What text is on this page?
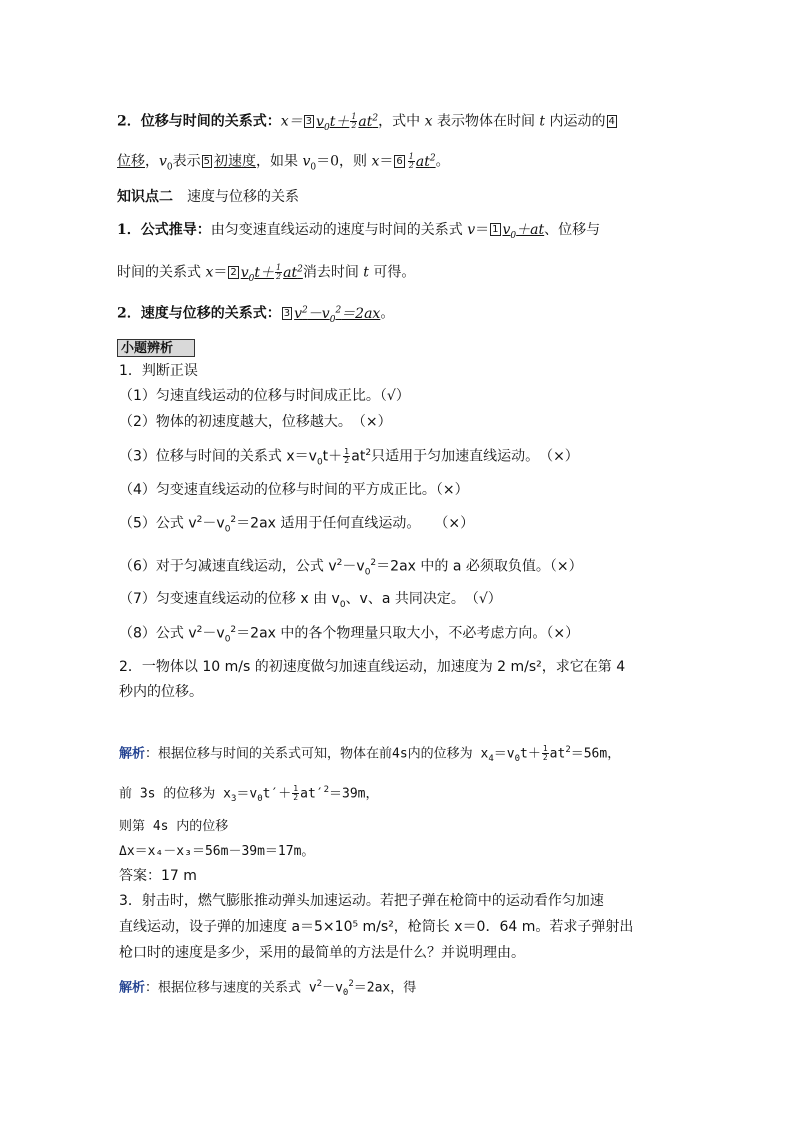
2．位移与时间的关系式：x＝ 3 $v_0t+ \frac{1}{2} at^2$，式中 x 表示物体在时间 t 内运动的 4
位移，$v_0$表示 5 初速度，如果 $v_0=0$，则 $x= 6 \frac{1}{2} at^2$。
知识点二 速度与位移的关系
1．公式推导：由匀变速直线运动的速度与时间的关系式 v＝ 1 $v_0+at$、位移与
时间的关系式 x＝ 2 $v_0t+ \frac{1}{2} at^2$消去时间 t 可得。
2．速度与位移的关系式： 3 $v^2-v_0^2=2ax$。
小题辨析
1．判断正误
（1）匀速直线运动的位移与时间成正比。（√）
（2）物体的初速度越大，位移越大。　（×）
（3）位移与时间的关系式 $x=v_0t+ \frac{1}{2} at^2$只适用于匀加速直线运动。　（×）
（4）匀变速直线运动的位移与时间的平方成正比。（×）
（5）公式 $v^2-v_0^2=2ax$ 适用于任何直线运动。　　（×）
（6）对于匀减速直线运动，公式 $v^2-v_0^2=2ax$ 中的 a 必须取负值。（×）
（7）匀变速直线运动的位移 x 由 $v_0$、v、a 共同决定。　（√）
（8）公式 $v^2-v_0^2=2ax$ 中的各个物理量只取大小，不必考虑方向。（×）
2．一物体以 10 m/s 的初速度做匀加速直线运动，加速度为 2 m/s²，求它在第 4
秒内的位移。
解析：根据位移与时间的关系式可知，物体在前4s内的位移为 $x_4=v_0t+ \frac{1}{2} at^2=56m$，
前 3s 的位移为 $x_3=v_0t'+ \frac{1}{2} at'^2=39m$，
则第 4s 内的位移
Δx＝x₄－x₃＝56m－39m＝17m。
答案：17 m
3．射击时，燃气膨胀推动弹头加速运动。若把子弹在枪筒中的运动看作匀加速
直线运动，设子弹的加速度 a＝5×10⁵ m/s²，枪筒长 x＝0．64 m。若求子弹射出
枪口时的速度是多少，采用的最简单的方法是什么？并说明理由。
解析：根据位移与速度的关系式 $v^2-v_0^2=2ax$，得
